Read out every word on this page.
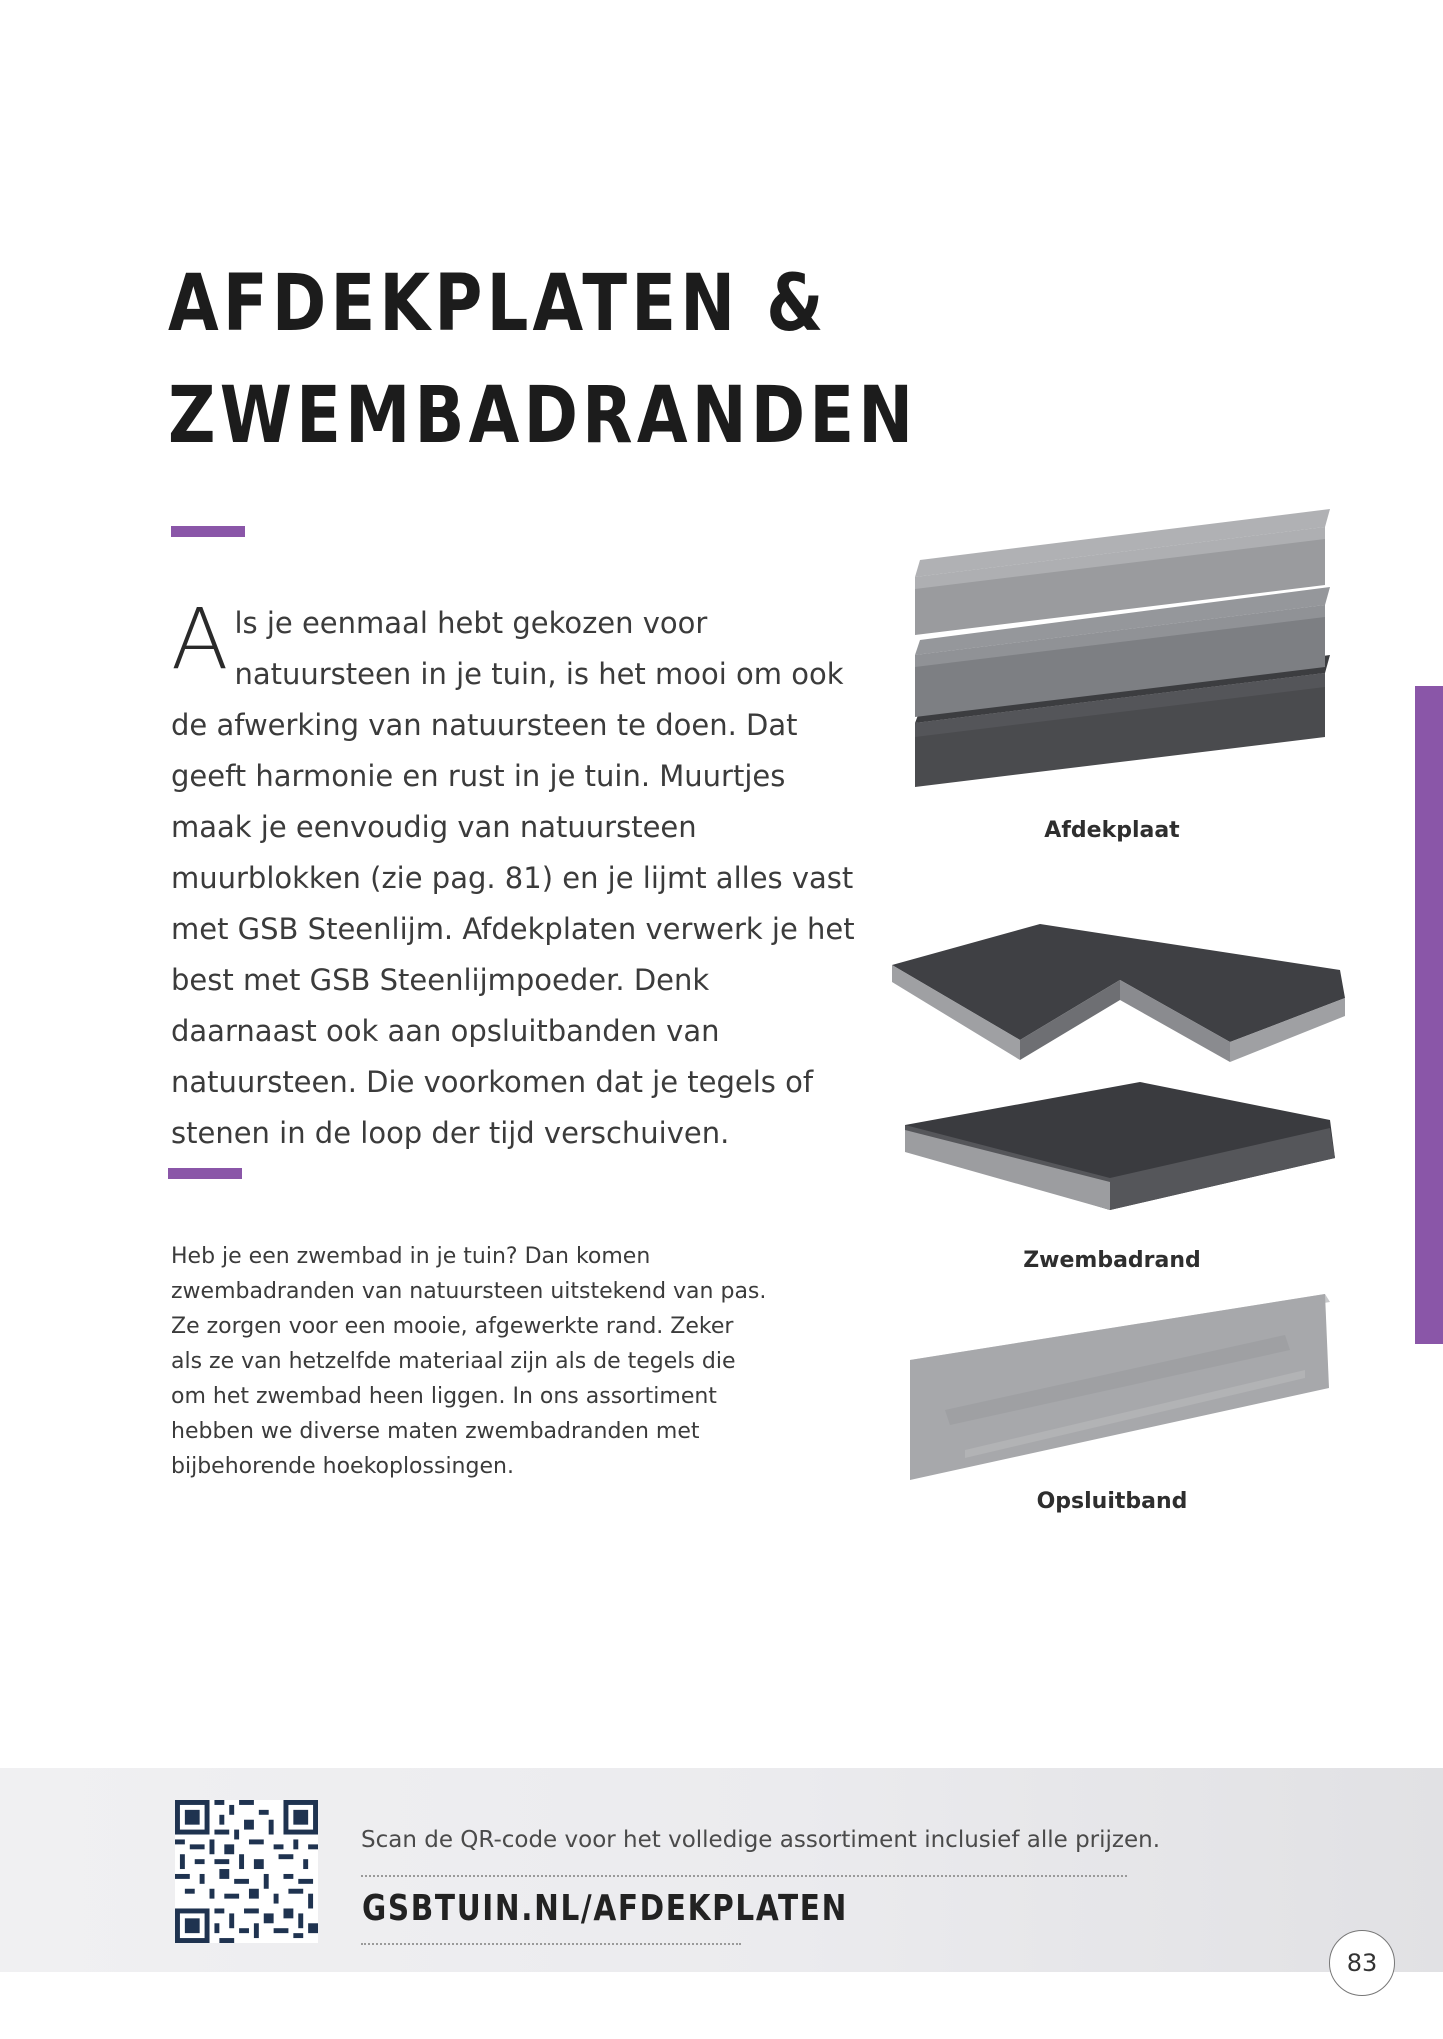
AFDEKPLATEN &
ZWEMBADRANDEN
Als je eenmaal hebt gekozen voor natuursteen in je tuin, is het mooi om ook de afwerking van natuursteen te doen. Dat geeft harmonie en rust in je tuin. Muurtjes maak je eenvoudig van natuursteen muurblokken (zie pag. 81) en je lijmt alles vast met GSB Steenlijm. Afdekplaten verwerk je het best met GSB Steenlijmpoeder. Denk daarnaast ook aan opsluitbanden van natuursteen. Die voorkomen dat je tegels of stenen in de loop der tijd verschuiven.
Heb je een zwembad in je tuin? Dan komen zwembadranden van natuursteen uitstekend van pas. Ze zorgen voor een mooie, afgewerkte rand. Zeker als ze van hetzelfde materiaal zijn als de tegels die om het zwembad heen liggen. In ons assortiment hebben we diverse maten zwembadranden met bijbehorende hoekoplossingen.
Afdekplaat
Zwembadrand
Opsluitband
Scan de QR-code voor het volledige assortiment inclusief alle prijzen.
GSBTUIN.NL/AFDEKPLATEN
83
